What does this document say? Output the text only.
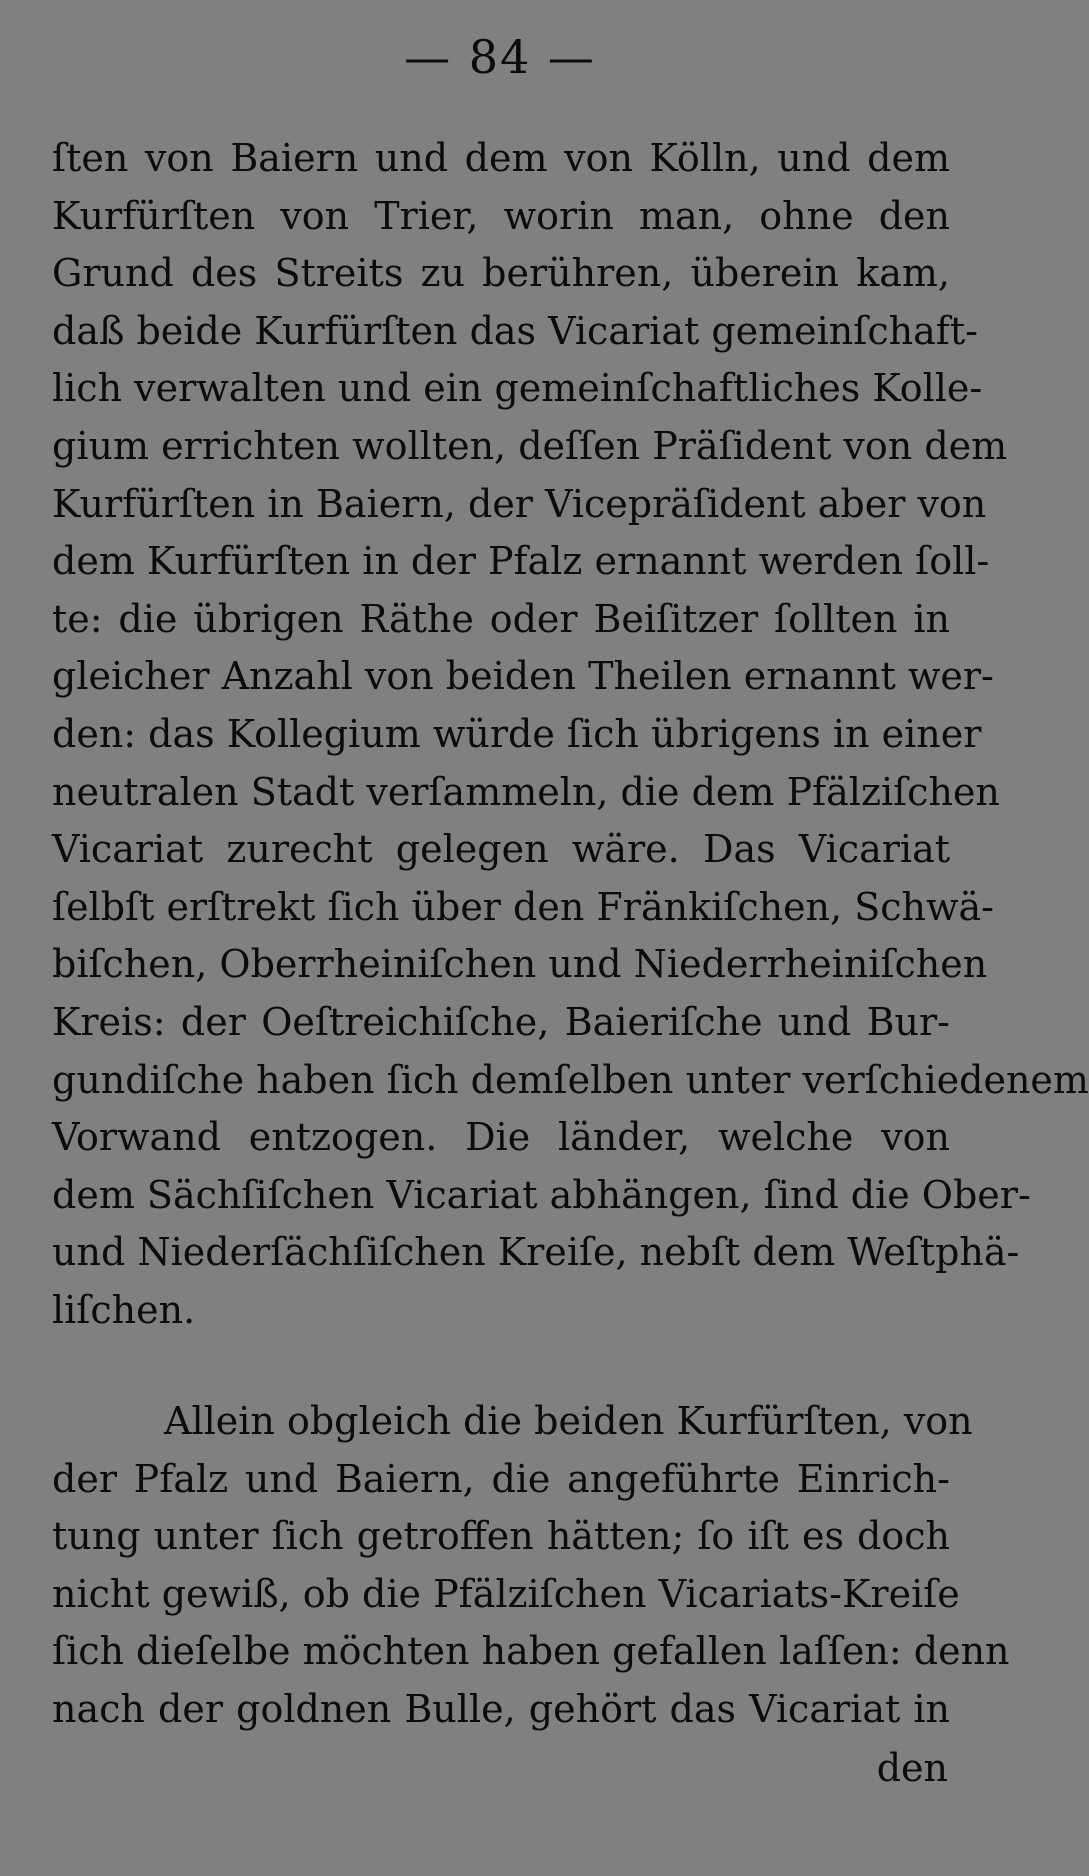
— 84 —
ſten von Baiern und dem von Kölln, und dem
Kurfürſten von Trier, worin man, ohne den
Grund des Streits zu berühren, überein kam,
daß beide Kurfürſten das Vicariat gemeinſchaft-
lich verwalten und ein gemeinſchaftliches Kolle-
gium errichten wollten, deſſen Präſident von dem
Kurfürſten in Baiern, der Vicepräſident aber von
dem Kurfürſten in der Pfalz ernannt werden ſoll-
te: die übrigen Räthe oder Beiſitzer ſollten in
gleicher Anzahl von beiden Theilen ernannt wer-
den: das Kollegium würde ſich übrigens in einer
neutralen Stadt verſammeln, die dem Pfälziſchen
Vicariat zurecht gelegen wäre. Das Vicariat
ſelbſt erſtrekt ſich über den Fränkiſchen, Schwä-
biſchen, Oberrheiniſchen und Niederrheiniſchen
Kreis: der Oeſtreichiſche, Baieriſche und Bur-
gundiſche haben ſich demſelben unter verſchiedenem
Vorwand entzogen. Die länder, welche von
dem Sächſiſchen Vicariat abhängen, ſind die Ober-
und Niederſächſiſchen Kreiſe, nebſt dem Weſtphä-
liſchen.
Allein obgleich die beiden Kurfürſten, von
der Pfalz und Baiern, die angeführte Einrich-
tung unter ſich getroffen hätten; ſo iſt es doch
nicht gewiß, ob die Pfälziſchen Vicariats-Kreiſe
ſich dieſelbe möchten haben gefallen laſſen: denn
nach der goldnen Bulle, gehört das Vicariat in
den
